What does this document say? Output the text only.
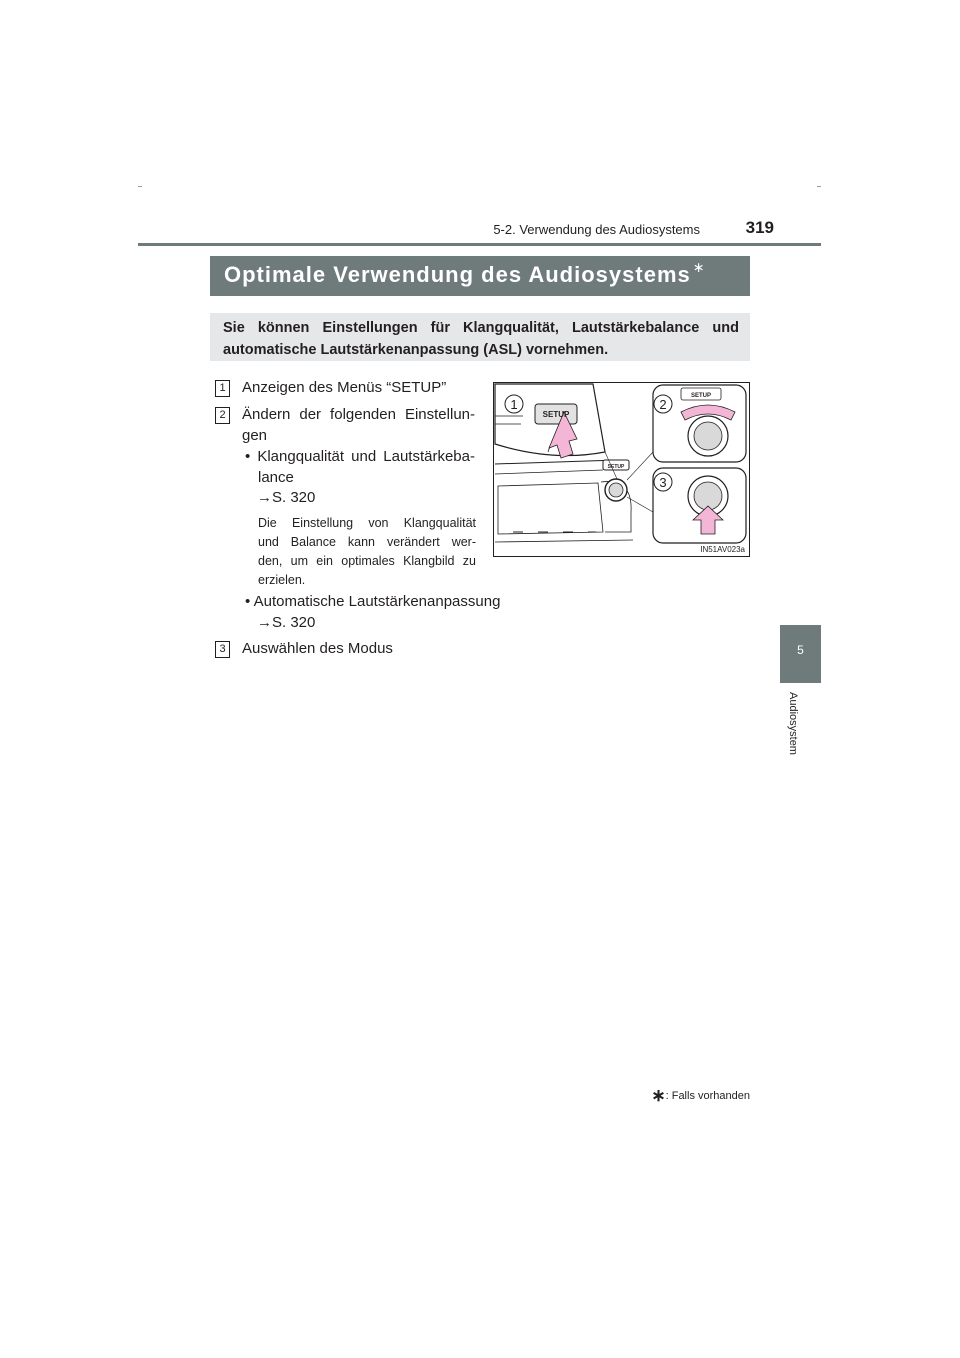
5-2. Verwendung des Audiosystems	319
Optimale Verwendung des Audiosystems ∗
Sie können Einstellungen für Klangqualität, Lautstärkebalance und automatische Lautstärkenanpassung (ASL) vornehmen.
1 Anzeigen des Menüs “SETUP”
2 Ändern der folgenden Einstellun-
gen
• Klangqualität und Lautstärkeba-
lance
→S. 320
Die Einstellung von Klangqualität
und Balance kann verändert wer-
den, um ein optimales Klangbild zu
erzielen.
• Automatische Lautstärkenanpassung
→S. 320
3 Auswählen des Modus
SETUP
SETUP
SETUP
1	2
3
IN51AV023a
5
Audiosystem
∗: Falls vorhanden
